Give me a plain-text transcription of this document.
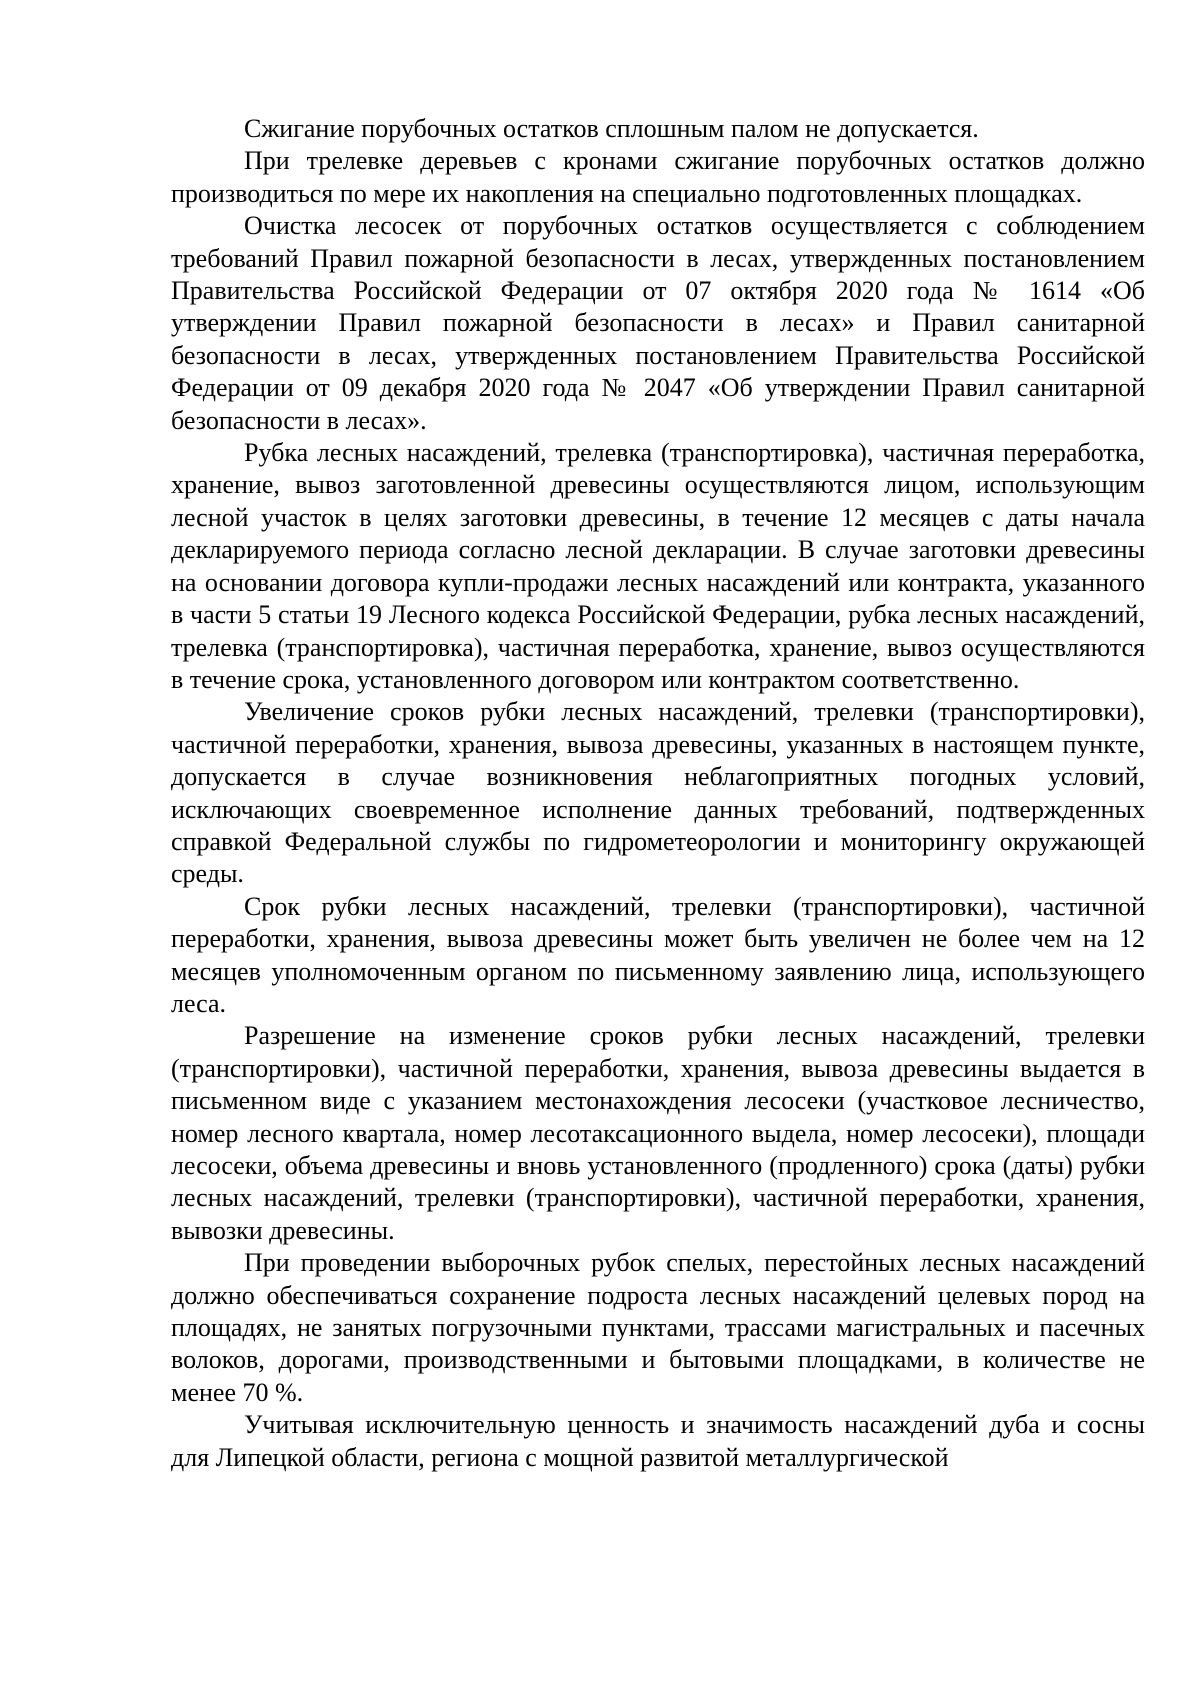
Сжигание порубочных остатков сплошным палом не допускается.

При трелевке деревьев с кронами сжигание порубочных остатков должно производиться по мере их накопления на специально подготовленных площадках.

Очистка лесосек от порубочных остатков осуществляется с соблюдением требований Правил пожарной безопасности в лесах, утвержденных постановлением Правительства Российской Федерации от 07 октября 2020 года № 1614 «Об утверждении Правил пожарной безопасности в лесах» и Правил санитарной безопасности в лесах, утвержденных постановлением Правительства Российской Федерации от 09 декабря 2020 года № 2047 «Об утверждении Правил санитарной безопасности в лесах».

Рубка лесных насаждений, трелевка (транспортировка), частичная переработка, хранение, вывоз заготовленной древесины осуществляются лицом, использующим лесной участок в целях заготовки древесины, в течение 12 месяцев с даты начала декларируемого периода согласно лесной декларации. В случае заготовки древесины на основании договора купли-продажи лесных насаждений или контракта, указанного в части 5 статьи 19 Лесного кодекса Российской Федерации, рубка лесных насаждений, трелевка (транспортировка), частичная переработка, хранение, вывоз осуществляются в течение срока, установленного договором или контрактом соответственно.

Увеличение сроков рубки лесных насаждений, трелевки (транспортировки), частичной переработки, хранения, вывоза древесины, указанных в настоящем пункте, допускается в случае возникновения неблагоприятных погодных условий, исключающих своевременное исполнение данных требований, подтвержденных справкой Федеральной службы по гидрометеорологии и мониторингу окружающей среды.

Срок рубки лесных насаждений, трелевки (транспортировки), частичной переработки, хранения, вывоза древесины может быть увеличен не более чем на 12 месяцев уполномоченным органом по письменному заявлению лица, использующего леса.

Разрешение на изменение сроков рубки лесных насаждений, трелевки (транспортировки), частичной переработки, хранения, вывоза древесины выдается в письменном виде с указанием местонахождения лесосеки (участковое лесничество, номер лесного квартала, номер лесотаксационного выдела, номер лесосеки), площади лесосеки, объема древесины и вновь установленного (продленного) срока (даты) рубки лесных насаждений, трелевки (транспортировки), частичной переработки, хранения, вывозки древесины.

При проведении выборочных рубок спелых, перестойных лесных насаждений должно обеспечиваться сохранение подроста лесных насаждений целевых пород на площадях, не занятых погрузочными пунктами, трассами магистральных и пасечных волоков, дорогами, производственными и бытовыми площадками, в количестве не менее 70 %.

Учитывая исключительную ценность и значимость насаждений дуба и сосны для Липецкой области, региона с мощной развитой металлургической
